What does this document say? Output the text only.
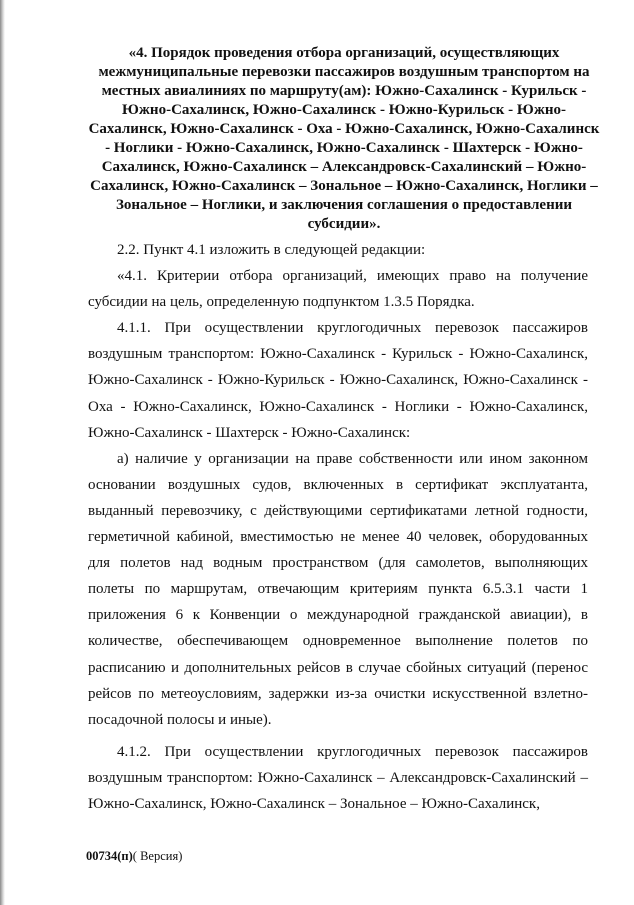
«4. Порядок проведения отбора организаций, осуществляющих межмуниципальные перевозки пассажиров воздушным транспортом на местных авиалиниях по маршруту(ам): Южно-Сахалинск - Курильск - Южно-Сахалинск, Южно-Сахалинск - Южно-Курильск - Южно-Сахалинск, Южно-Сахалинск - Оха - Южно-Сахалинск, Южно-Сахалинск - Ноглики - Южно-Сахалинск, Южно-Сахалинск - Шахтерск - Южно-Сахалинск, Южно-Сахалинск – Александровск-Сахалинский – Южно-Сахалинск, Южно-Сахалинск – Зональное – Южно-Сахалинск, Ноглики – Зональное – Ноглики, и заключения соглашения о предоставлении субсидии».

2.2. Пункт 4.1 изложить в следующей редакции:

«4.1. Критерии отбора организаций, имеющих право на получение субсидии на цель, определенную подпунктом 1.3.5 Порядка.

4.1.1. При осуществлении круглогодичных перевозок пассажиров воздушным транспортом: Южно-Сахалинск - Курильск - Южно-Сахалинск, Южно-Сахалинск - Южно-Курильск - Южно-Сахалинск, Южно-Сахалинск - Оха - Южно-Сахалинск, Южно-Сахалинск - Ноглики - Южно-Сахалинск, Южно-Сахалинск - Шахтерск - Южно-Сахалинск:

а) наличие у организации на праве собственности или ином законном основании воздушных судов, включенных в сертификат эксплуатанта, выданный перевозчику, с действующими сертификатами летной годности, герметичной кабиной, вместимостью не менее 40 человек, оборудованных для полетов над водным пространством (для самолетов, выполняющих полеты по маршрутам, отвечающим критериям пункта 6.5.3.1 части 1 приложения 6 к Конвенции о международной гражданской авиации), в количестве, обеспечивающем одновременное выполнение полетов по расписанию и дополнительных рейсов в случае сбойных ситуаций (перенос рейсов по метеоусловиям, задержки из-за очистки искусственной взлетно-посадочной полосы и иные).

4.1.2. При осуществлении круглогодичных перевозок пассажиров воздушным транспортом: Южно-Сахалинск – Александровск-Сахалинский – Южно-Сахалинск, Южно-Сахалинск – Зональное – Южно-Сахалинск,

00734(п)( Версия)
